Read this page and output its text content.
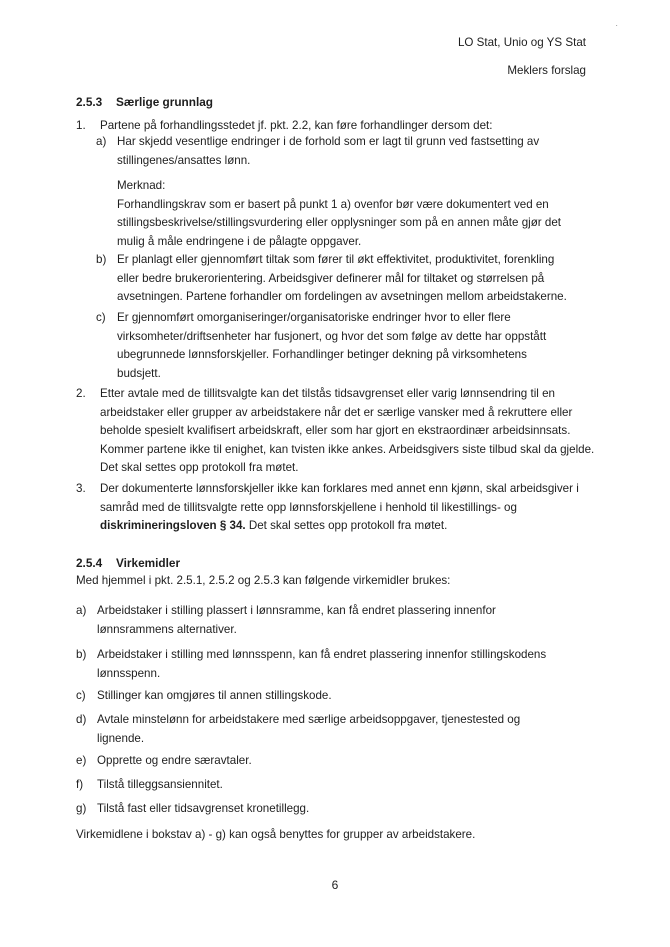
·
LO Stat, Unio og YS Stat
Meklers forslag
2.5.3 Særlige grunnlag
1. Partene på forhandlingsstedet jf. pkt. 2.2, kan føre forhandlinger dersom det:
a) Har skjedd vesentlige endringer i de forhold som er lagt til grunn ved fastsetting av
stillingenes/ansattes lønn.
Merknad:
Forhandlingskrav som er basert på punkt 1 a) ovenfor bør være dokumentert ved en
stillingsbeskrivelse/stillingsvurdering eller opplysninger som på en annen måte gjør det
mulig å måle endringene i de pålagte oppgaver.
b) Er planlagt eller gjennomført tiltak som fører til økt effektivitet, produktivitet, forenkling
eller bedre brukerorientering. Arbeidsgiver definerer mål for tiltaket og størrelsen på
avsetningen. Partene forhandler om fordelingen av avsetningen mellom arbeidstakerne.
c) Er gjennomført omorganiseringer/organisatoriske endringer hvor to eller flere
virksomheter/driftsenheter har fusjonert, og hvor det som følge av dette har oppstått
ubegrunnede lønnsforskjeller. Forhandlinger betinger dekning på virksomhetens
budsjett.
2. Etter avtale med de tillitsvalgte kan det tilstås tidsavgrenset eller varig lønnsendring til en
arbeidstaker eller grupper av arbeidstakere når det er særlige vansker med å rekruttere eller
beholde spesielt kvalifisert arbeidskraft, eller som har gjort en ekstraordinær arbeidsinnsats.
Kommer partene ikke til enighet, kan tvisten ikke ankes. Arbeidsgivers siste tilbud skal da gjelde.
Det skal settes opp protokoll fra møtet.
3. Der dokumenterte lønnsforskjeller ikke kan forklares med annet enn kjønn, skal arbeidsgiver i
samråd med de tillitsvalgte rette opp lønnsforskjellene i henhold til likestillings- og
diskrimineringsloven § 34. Det skal settes opp protokoll fra møtet.
2.5.4 Virkemidler
Med hjemmel i pkt. 2.5.1, 2.5.2 og 2.5.3 kan følgende virkemidler brukes:
a) Arbeidstaker i stilling plassert i lønnsramme, kan få endret plassering innenfor
lønnsrammens alternativer.
b) Arbeidstaker i stilling med lønnsspenn, kan få endret plassering innenfor stillingskodens
lønnsspenn.
c) Stillinger kan omgjøres til annen stillingskode.
d) Avtale minstelønn for arbeidstakere med særlige arbeidsoppgaver, tjenestested og
lignende.
e) Opprette og endre særavtaler.
f) Tilstå tilleggsansiennitet.
g) Tilstå fast eller tidsavgrenset kronetillegg.
Virkemidlene i bokstav a) - g) kan også benyttes for grupper av arbeidstakere.
6
